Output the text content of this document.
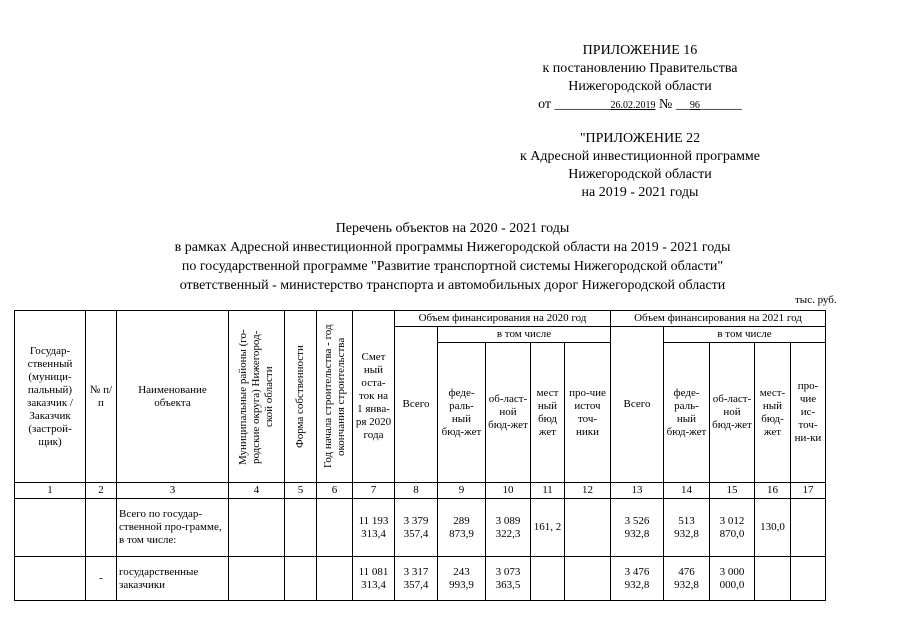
ПРИЛОЖЕНИЕ 16
к постановлению Правительства
Нижегородской области
от ________26.02.2019 № __96______
"ПРИЛОЖЕНИЕ 22
к Адресной инвестиционной программе
Нижегородской области
на 2019 - 2021 годы
Перечень объектов на 2020 - 2021 годы
в рамках Адресной инвестиционной программы Нижегородской области на 2019 - 2021 годы
по государственной программе "Развитие транспортной системы Нижегородской области"
ответственный - министерство транспорта и автомобильных дорог Нижегородской области
тыс. руб.
Государ-ственный (муници-пальный) заказчик / Заказчик (застрой-щик)	№ п/п	Наименование объекта	Муниципальные районы (го-родские округа) Нижегород-ской области	Форма собственности	Год начала строительства - год окончания строительства	Смет ный оста-ток на 1 янва-ря 2020 года	Объем финансирования на 2020 год					Объем финансирования на 2021 год				
							Всего	в том числе				Всего	в том числе			
								феде-раль-ный бюд-жет	об-ласт-ной бюд-жет	мест ный бюд жет	про-чие источ точ-ники		феде-раль-ный бюд-жет	об-ласт-ной бюд-жет	мест-ный бюд-жет	про-чие ис-точ-ни-ки
1	2	3	4	5	6	7	8	9	10	11	12	13	14	15	16	17
		Всего по государ-ственной про-грамме, в том числе:				11 193 313,4	3 379 357,4	289 873,9	3 089 322,3	161, 2		3 526 932,8	513 932,8	3 012 870,0	130,0	
	-	государственные заказчики				11 081 313,4	3 317 357,4	243 993,9	3 073 363,5			3 476 932,8	476 932,8	3 000 000,0		
